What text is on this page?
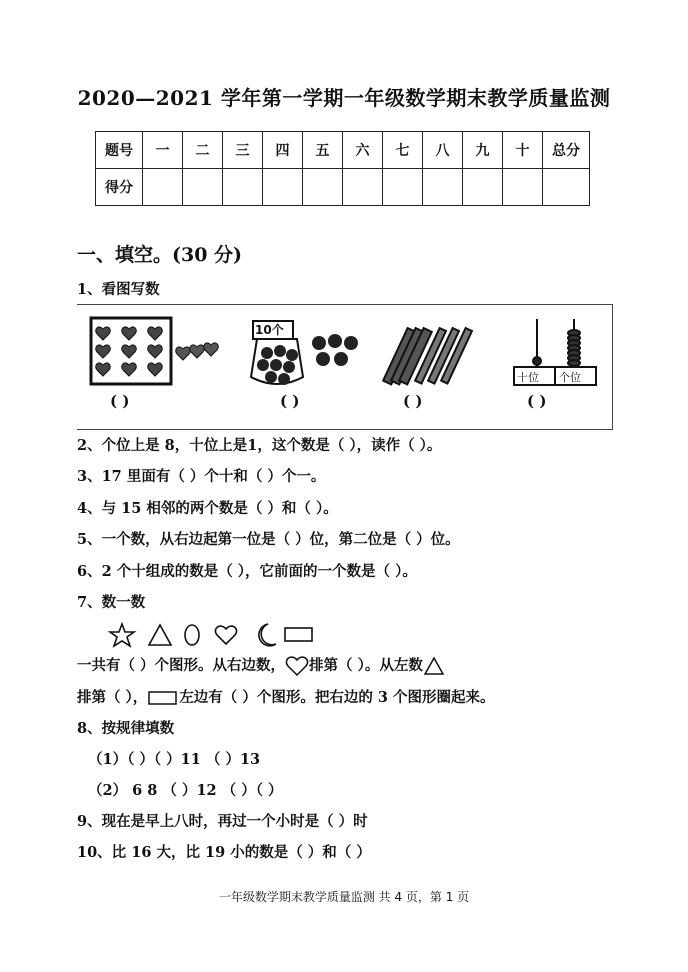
2020—2021 学年第一学期一年级数学期末教学质量监测
题号	一	二	三	四	五	六	七	八	九	十	总分
得分											
一、填空。(30 分)
1、看图写数
10个
十位 个位
( )	( )	( )	( )
2、个位上是 8，十位上是1，这个数是（ ），读作（ ）。
3、17 里面有（ ）个十和（ ）个一。
4、与 15 相邻的两个数是（ ）和（ ）。
5、一个数，从右边起第一位是（ ）位，第二位是（ ）位。
6、2 个十组成的数是（ ），它前面的一个数是（ ）。
7、数一数
一共有（ ）个图形。从右边数， 排第（ ）。从左数
排第（ ）， 左边有（ ）个图形。把右边的 3 个图形圈起来。
8、按规律填数
（1）（ ）（ ）11 （ ）13
（2） 6 8 （ ）12 （ ）（ ）
9、现在是早上八时，再过一个小时是（ ）时
10、比 16 大，比 19 小的数是（ ）和（ ）
一年级数学期末教学质量监测 共 4 页，第 1 页
